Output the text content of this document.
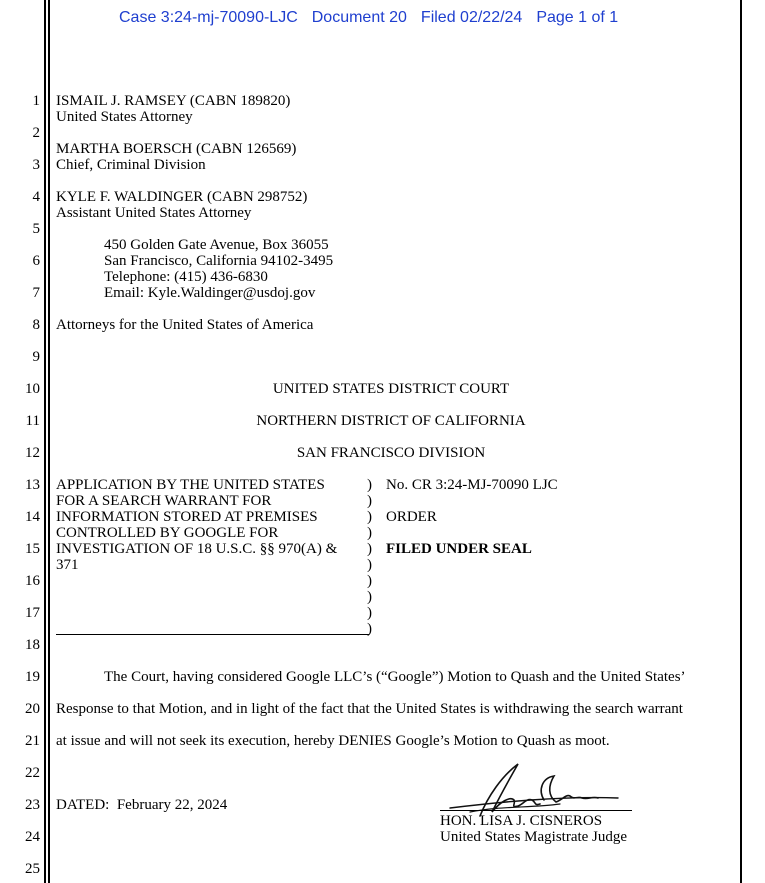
Case 3:24-mj-70090-LJC Document 20 Filed 02/22/24 Page 1 of 1
1
2
3
4
5
6
7
8
9
10
11
12
13
14
15
16
17
18
19
20
21
22
23
24
25
ISMAIL J. RAMSEY (CABN 189820)
United States Attorney
MARTHA BOERSCH (CABN 126569)
Chief, Criminal Division
KYLE F. WALDINGER (CABN 298752)
Assistant United States Attorney
450 Golden Gate Avenue, Box 36055
San Francisco, California 94102-3495
Telephone: (415) 436-6830
Email: Kyle.Waldinger@usdoj.gov
Attorneys for the United States of America
UNITED STATES DISTRICT COURT
NORTHERN DISTRICT OF CALIFORNIA
SAN FRANCISCO DIVISION
APPLICATION BY THE UNITED STATES
FOR A SEARCH WARRANT FOR
INFORMATION STORED AT PREMISES
CONTROLLED BY GOOGLE FOR
INVESTIGATION OF 18 U.S.C. §§ 970(A) &
371
)
)
)
)
)
)
)
)
)
)
No. CR 3:24-MJ-70090 LJC
ORDER
FILED UNDER SEAL
The Court, having considered Google LLC’s (“Google”) Motion to Quash and the United States’
Response to that Motion, and in light of the fact that the United States is withdrawing the search warrant
at issue and will not seek its execution, hereby DENIES Google’s Motion to Quash as moot.
DATED:  February 22, 2024
HON. LISA J. CISNEROS
United States Magistrate Judge
